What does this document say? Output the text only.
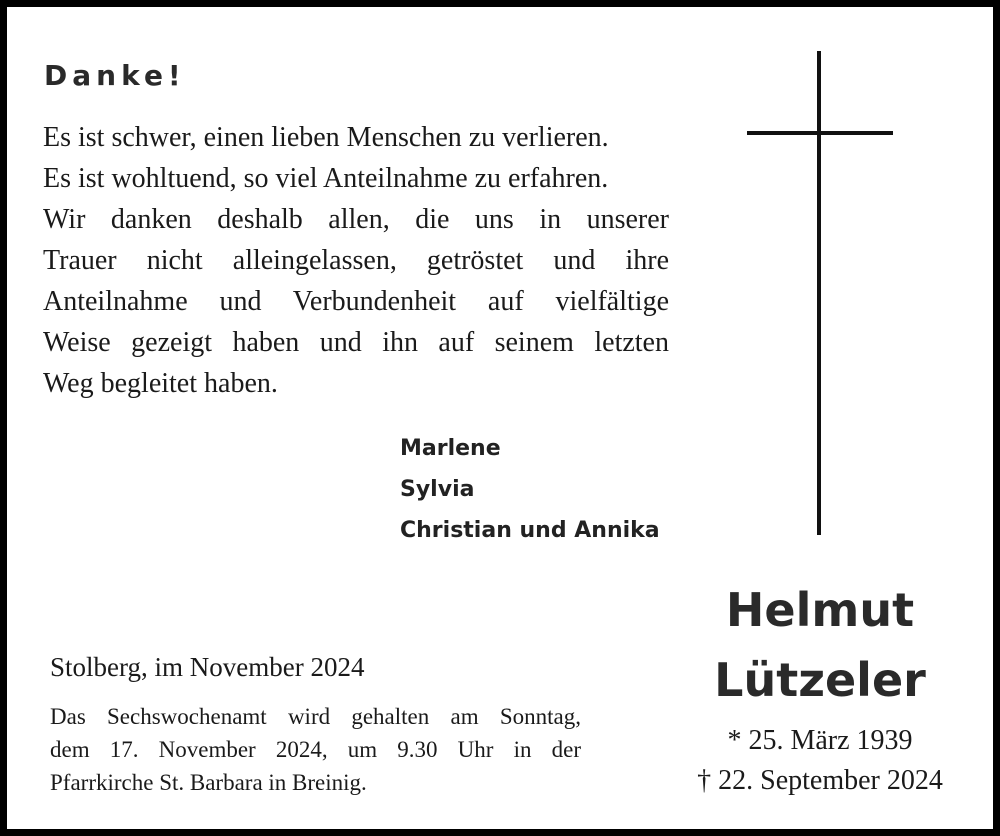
Danke!
Es ist schwer, einen lieben Menschen zu verlieren.
Es ist wohltuend, so viel Anteilnahme zu erfahren.
Wir danken deshalb allen, die uns in unserer
Trauer nicht alleingelassen, getröstet und ihre
Anteilnahme und Verbundenheit auf vielfältige
Weise gezeigt haben und ihn auf seinem letzten
Weg begleitet haben.
Marlene
Sylvia
Christian und Annika
Helmut
Lützeler
* 25. März 1939
† 22. September 2024
Stolberg, im November 2024
Das Sechswochenamt wird gehalten am Sonntag,
dem 17. November 2024, um 9.30 Uhr in der
Pfarrkirche St. Barbara in Breinig.
